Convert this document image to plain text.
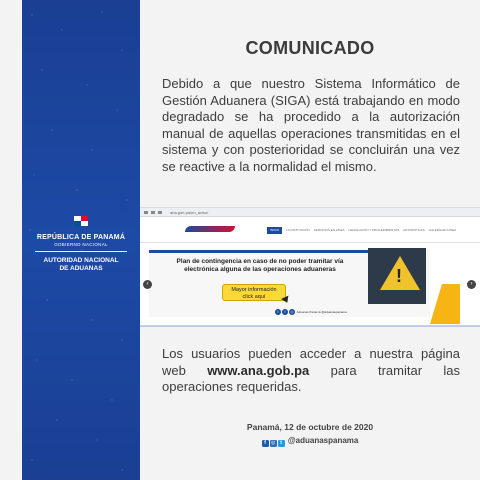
REPÚBLICA DE PANAMÁ
GOBIERNO NACIONAL
AUTORIDAD NACIONAL
DE ADUANAS
COMUNICADO
Debido a que nuestro Sistema Informático de Gestión Aduanera (SIGA) está trabajando en modo degradado se ha procedido a la autorización manual de aquellas operaciones transmitidas en el sistema y con posterioridad se concluirán una vez se reactive a la normalidad el mismo.
Los usuarios pueden acceder a nuestra página web www.ana.gob.pa para tramitar las operaciones requeridas.
Panamá, 12 de octubre de 2020
f ◎ t @aduanaspanama
ana.gob.pa/en_aviso/
INICIO	LA INSTITUCIÓN SERVICIOS EN LÍNEA LEGISLACIÓN Y PROCEDIMIENTOS ESTADÍSTICAS GALERÍA EN LÍNEA
!
Plan de contingencia en caso de no poder tramitar vía electrónica alguna de las operaciones aduaneras
Mayor información
click aquí
‹	›
t f ◎ Aduanas Panamá @aduanaspanama
